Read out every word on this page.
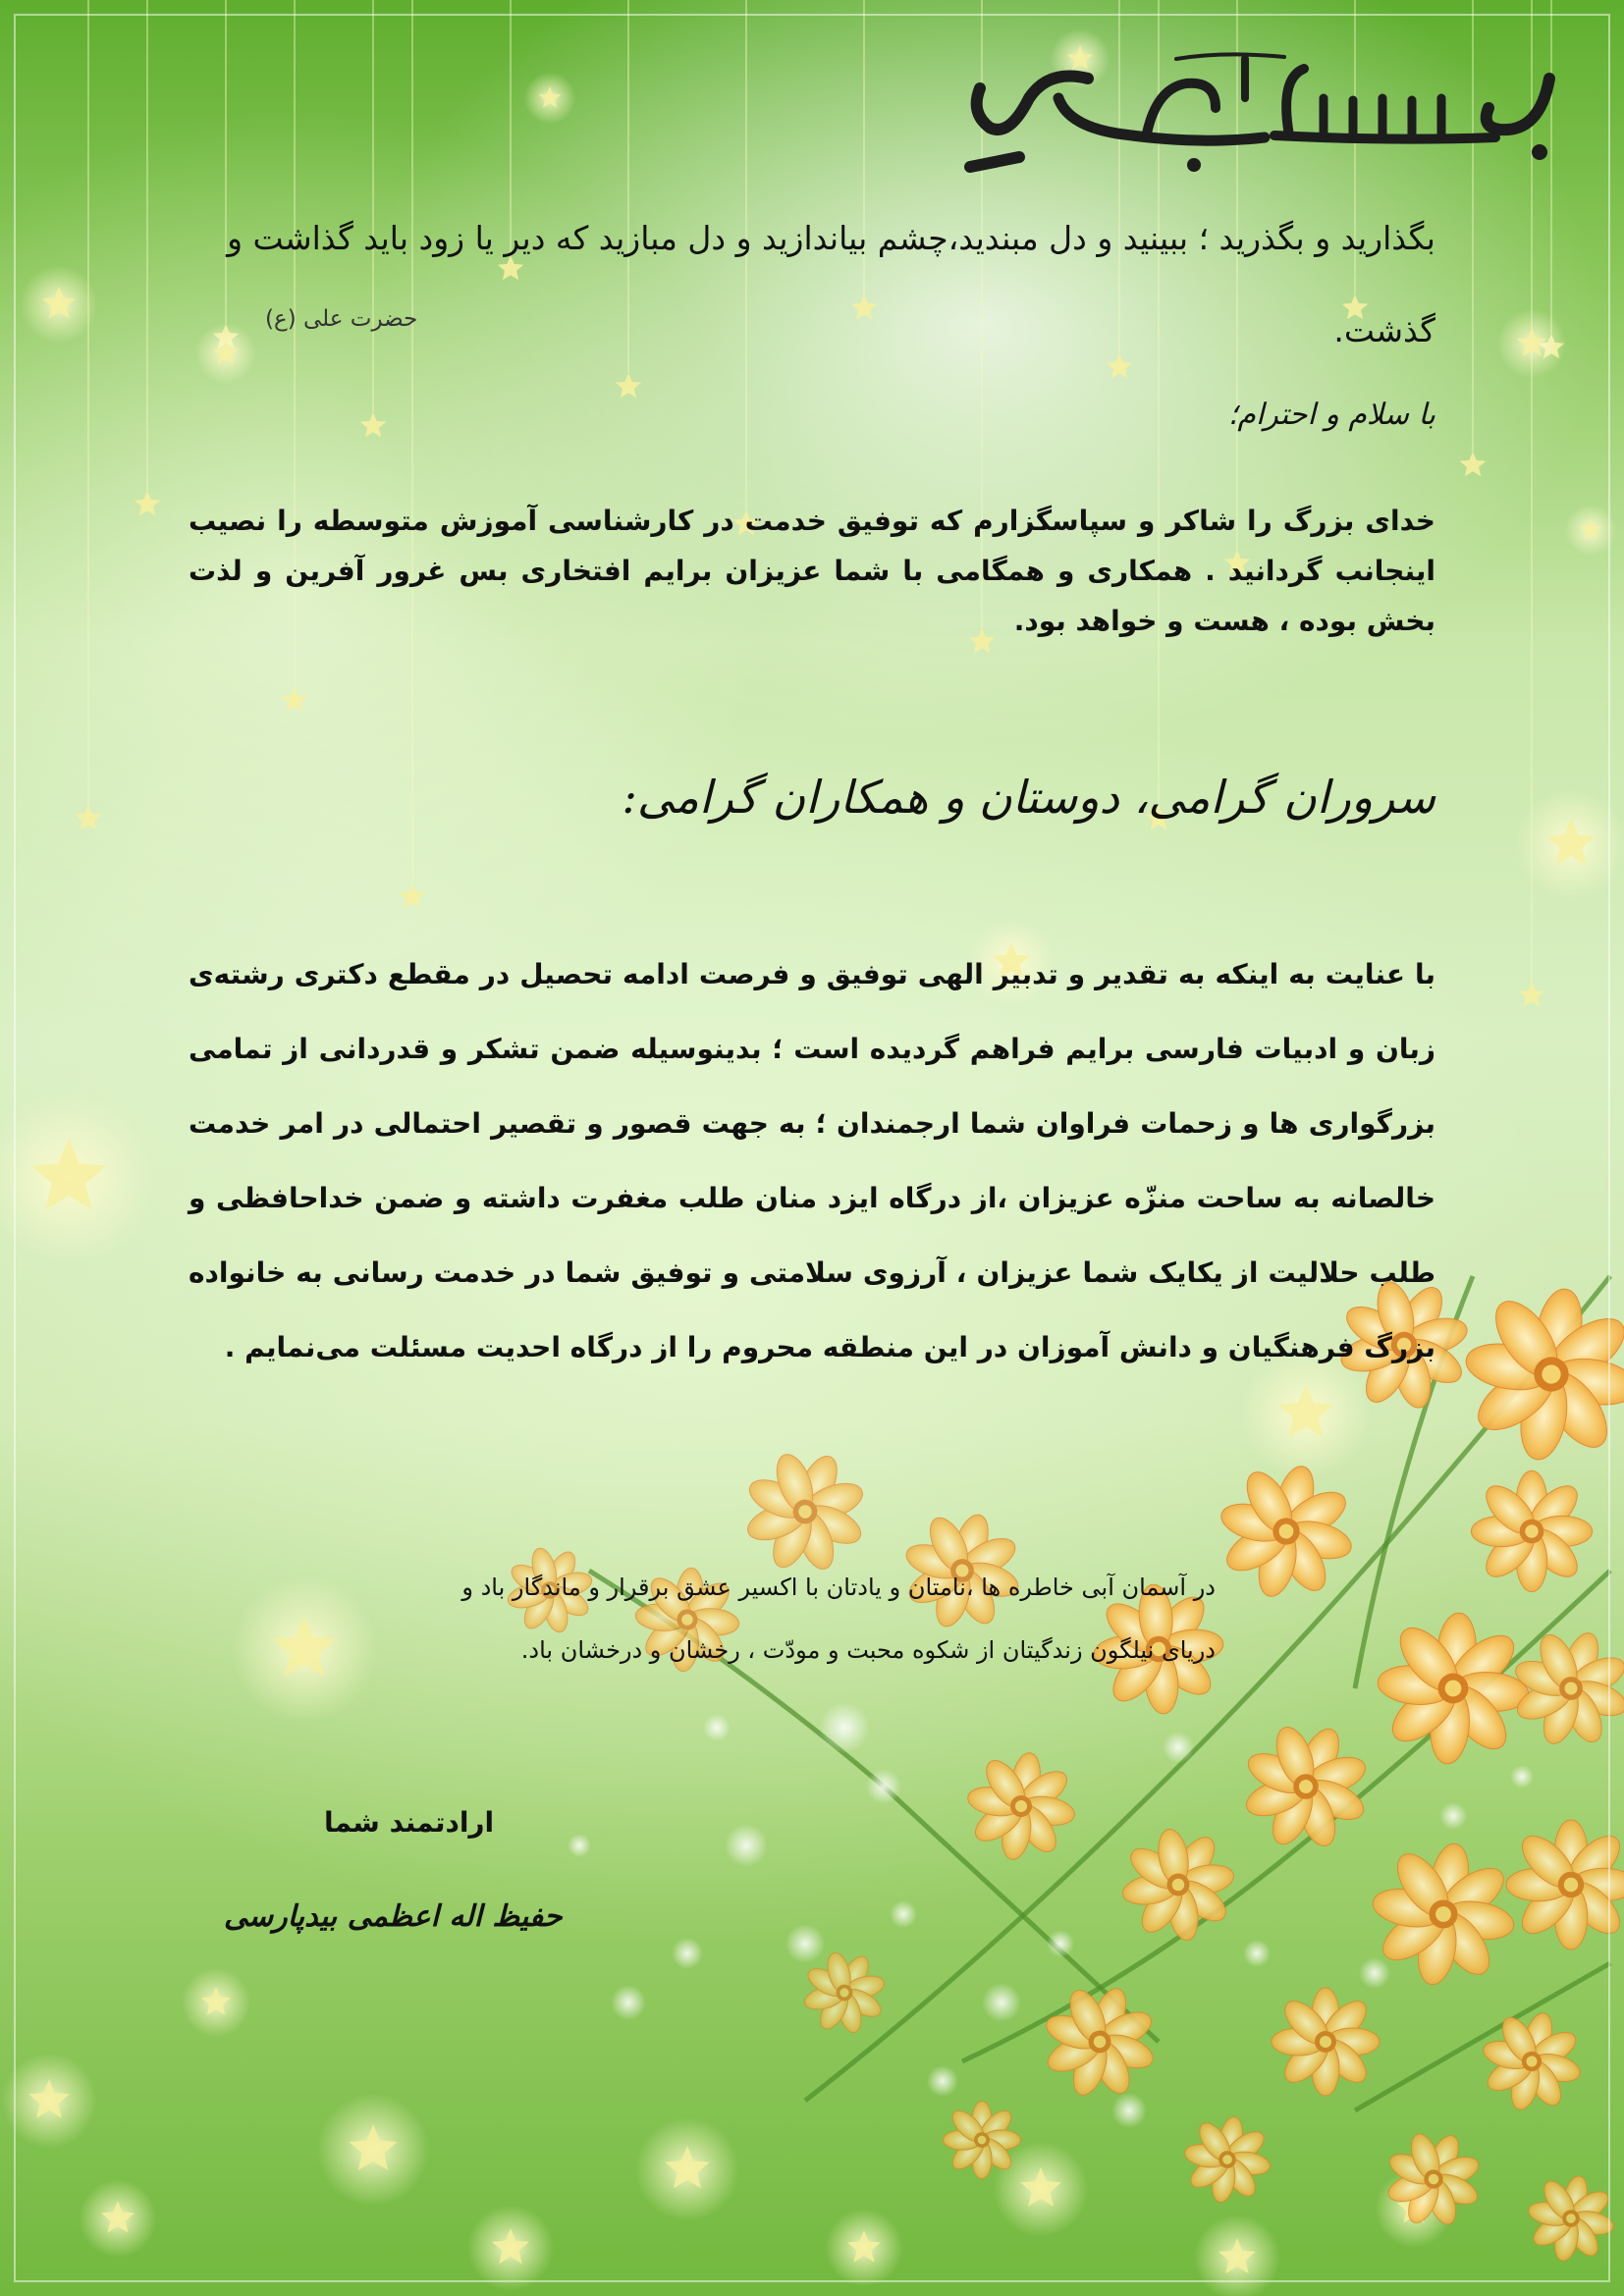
بگذارید و بگذرید ؛ ببینید و دل مبندید،چشم بیاندازید و دل مبازید که دیر یا زود باید گذاشت و گذشت.
حضرت علی (ع)
با سلام و احترام؛
خدای بزرگ را شاکر و سپاسگزارم که توفیق خدمت در کارشناسی آموزش متوسطه را نصیب اینجانب گردانید . همکاری و همگامی با شما عزیزان برایم افتخاری بس غرور آفرین و لذت بخش بوده ، هست و خواهد بود.
سروران گرامی، دوستان و همکاران گرامی:
با عنایت به اینکه به تقدیر و تدبیر الهی توفیق و فرصت ادامه تحصیل در مقطع دکتری رشته‌ی زبان و ادبیات فارسی برایم فراهم گردیده است ؛ بدینوسیله ضمن تشکر و قدردانی از تمامی بزرگواری ها و زحمات فراوان شما ارجمندان ؛ به جهت قصور و تقصیر احتمالی در امر خدمت خالصانه به ساحت منزّه عزیزان ،از درگاه ایزد منان طلب مغفرت داشته و ضمن خداحافظی و طلب حلالیت از یکایک شما عزیزان ، آرزوی سلامتی و توفیق شما در خدمت رسانی به خانواده بزرگ فرهنگیان و دانش آموزان در این منطقه محروم را از درگاه احدیت مسئلت می‌نمایم .
در آسمان آبی خاطره ها ،نامتان و یادتان با اکسیر عشق برقرار و ماندگار باد و
دریای نیلگون زندگیتان از شکوه محبت و مودّت ، رخشان و درخشان باد.
ارادتمند شما
حفیظ اله اعظمی بیدپارسی
